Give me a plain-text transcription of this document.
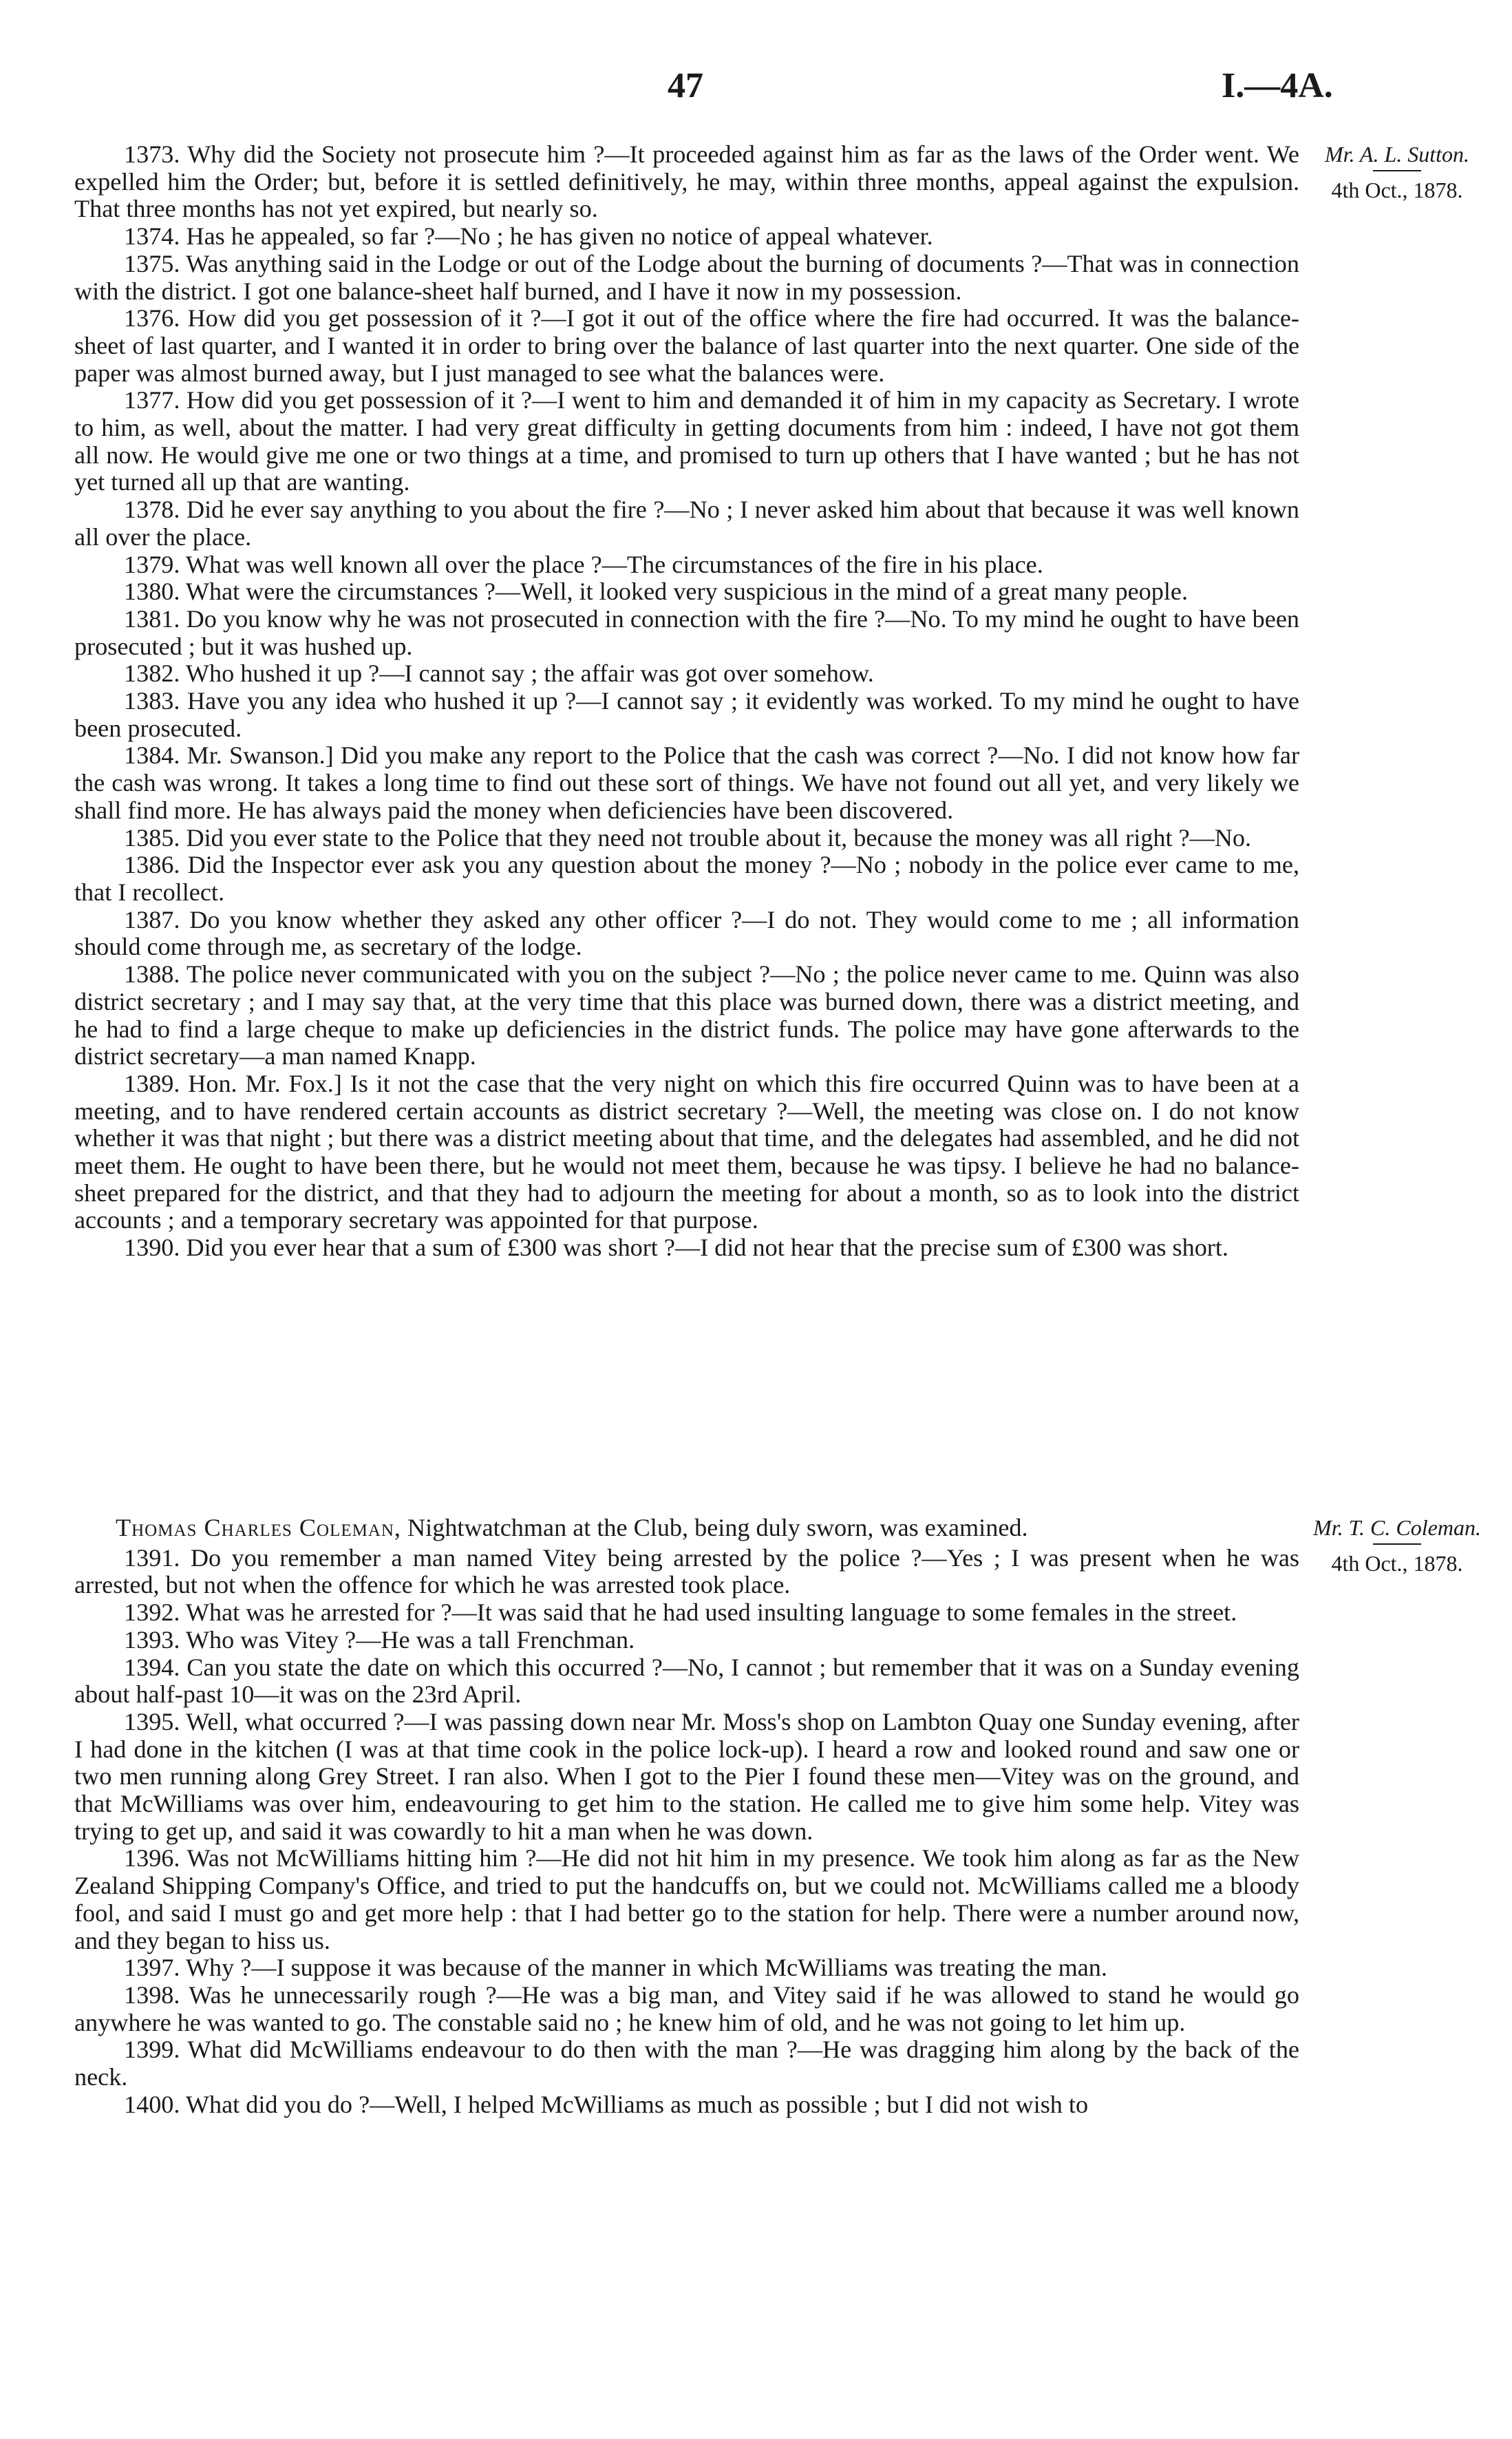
47	I.—4A.
Mr. A. L. Sutton.
4th Oct., 1878.
Mr. T. C. Coleman.
4th Oct., 1878.

1373. Why did the Society not prosecute him ?—It proceeded against him as far as the laws of the Order went. We expelled him the Order; but, before it is settled definitively, he may, within three months, appeal against the expulsion. That three months has not yet expired, but nearly so.

1374. Has he appealed, so far ?—No ; he has given no notice of appeal whatever.

1375. Was anything said in the Lodge or out of the Lodge about the burning of documents ?—That was in connection with the district. I got one balance-sheet half burned, and I have it now in my possession.

1376. How did you get possession of it ?—I got it out of the office where the fire had occurred. It was the balance-sheet of last quarter, and I wanted it in order to bring over the balance of last quarter into the next quarter. One side of the paper was almost burned away, but I just managed to see what the balances were.

1377. How did you get possession of it ?—I went to him and demanded it of him in my capacity as Secretary. I wrote to him, as well, about the matter. I had very great difficulty in getting documents from him : indeed, I have not got them all now. He would give me one or two things at a time, and promised to turn up others that I have wanted ; but he has not yet turned all up that are wanting.

1378. Did he ever say anything to you about the fire ?—No ; I never asked him about that because it was well known all over the place.

1379. What was well known all over the place ?—The circumstances of the fire in his place.

1380. What were the circumstances ?—Well, it looked very suspicious in the mind of a great many people.

1381. Do you know why he was not prosecuted in connection with the fire ?—No. To my mind he ought to have been prosecuted ; but it was hushed up.

1382. Who hushed it up ?—I cannot say ; the affair was got over somehow.

1383. Have you any idea who hushed it up ?—I cannot say ; it evidently was worked. To my mind he ought to have been prosecuted.

1384. Mr. Swanson.] Did you make any report to the Police that the cash was correct ?—No. I did not know how far the cash was wrong. It takes a long time to find out these sort of things. We have not found out all yet, and very likely we shall find more. He has always paid the money when deficiencies have been discovered.

1385. Did you ever state to the Police that they need not trouble about it, because the money was all right ?—No.

1386. Did the Inspector ever ask you any question about the money ?—No ; nobody in the police ever came to me, that I recollect.

1387. Do you know whether they asked any other officer ?—I do not. They would come to me ; all information should come through me, as secretary of the lodge.

1388. The police never communicated with you on the subject ?—No ; the police never came to me. Quinn was also district secretary ; and I may say that, at the very time that this place was burned down, there was a district meeting, and he had to find a large cheque to make up deficiencies in the district funds. The police may have gone afterwards to the district secretary—a man named Knapp.

1389. Hon. Mr. Fox.] Is it not the case that the very night on which this fire occurred Quinn was to have been at a meeting, and to have rendered certain accounts as district secretary ?—Well, the meeting was close on. I do not know whether it was that night ; but there was a district meeting about that time, and the delegates had assembled, and he did not meet them. He ought to have been there, but he would not meet them, because he was tipsy. I believe he had no balance-sheet prepared for the district, and that they had to adjourn the meeting for about a month, so as to look into the district accounts ; and a temporary secretary was appointed for that purpose.

1390. Did you ever hear that a sum of £300 was short ?—I did not hear that the precise sum of £300 was short.

Thomas Charles Coleman, Nightwatchman at the Club, being duly sworn, was examined.

1391. Do you remember a man named Vitey being arrested by the police ?—Yes ; I was present when he was arrested, but not when the offence for which he was arrested took place.

1392. What was he arrested for ?—It was said that he had used insulting language to some females in the street.

1393. Who was Vitey ?—He was a tall Frenchman.

1394. Can you state the date on which this occurred ?—No, I cannot ; but remember that it was on a Sunday evening about half-past 10—it was on the 23rd April.

1395. Well, what occurred ?—I was passing down near Mr. Moss's shop on Lambton Quay one Sunday evening, after I had done in the kitchen (I was at that time cook in the police lock-up). I heard a row and looked round and saw one or two men running along Grey Street. I ran also. When I got to the Pier I found these men—Vitey was on the ground, and that McWilliams was over him, endeavouring to get him to the station. He called me to give him some help. Vitey was trying to get up, and said it was cowardly to hit a man when he was down.

1396. Was not McWilliams hitting him ?—He did not hit him in my presence. We took him along as far as the New Zealand Shipping Company's Office, and tried to put the handcuffs on, but we could not. McWilliams called me a bloody fool, and said I must go and get more help : that I had better go to the station for help. There were a number around now, and they began to hiss us.

1397. Why ?—I suppose it was because of the manner in which McWilliams was treating the man.

1398. Was he unnecessarily rough ?—He was a big man, and Vitey said if he was allowed to stand he would go anywhere he was wanted to go. The constable said no ; he knew him of old, and he was not going to let him up.

1399. What did McWilliams endeavour to do then with the man ?—He was dragging him along by the back of the neck.

1400. What did you do ?—Well, I helped McWilliams as much as possible ; but I did not wish to
